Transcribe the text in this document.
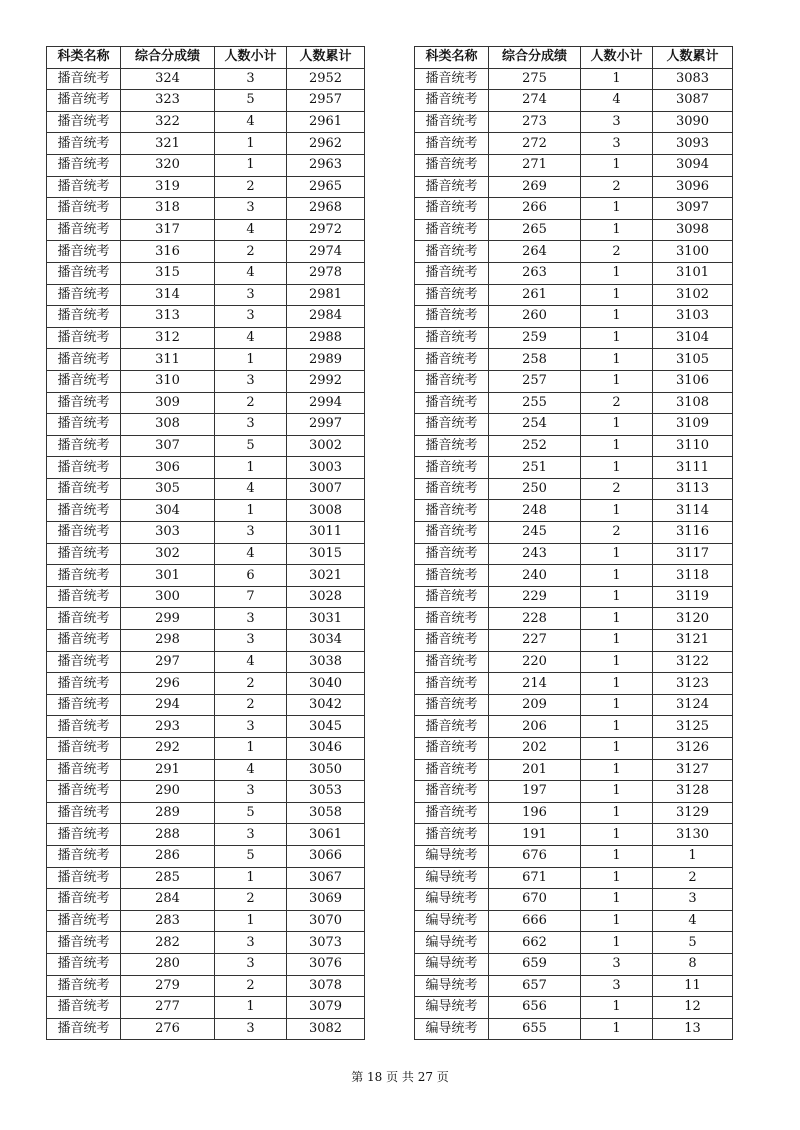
科类名称	综合分成绩	人数小计	人数累计
播音统考	324	3	2952
播音统考	323	5	2957
播音统考	322	4	2961
播音统考	321	1	2962
播音统考	320	1	2963
播音统考	319	2	2965
播音统考	318	3	2968
播音统考	317	4	2972
播音统考	316	2	2974
播音统考	315	4	2978
播音统考	314	3	2981
播音统考	313	3	2984
播音统考	312	4	2988
播音统考	311	1	2989
播音统考	310	3	2992
播音统考	309	2	2994
播音统考	308	3	2997
播音统考	307	5	3002
播音统考	306	1	3003
播音统考	305	4	3007
播音统考	304	1	3008
播音统考	303	3	3011
播音统考	302	4	3015
播音统考	301	6	3021
播音统考	300	7	3028
播音统考	299	3	3031
播音统考	298	3	3034
播音统考	297	4	3038
播音统考	296	2	3040
播音统考	294	2	3042
播音统考	293	3	3045
播音统考	292	1	3046
播音统考	291	4	3050
播音统考	290	3	3053
播音统考	289	5	3058
播音统考	288	3	3061
播音统考	286	5	3066
播音统考	285	1	3067
播音统考	284	2	3069
播音统考	283	1	3070
播音统考	282	3	3073
播音统考	280	3	3076
播音统考	279	2	3078
播音统考	277	1	3079
播音统考	276	3	3082
科类名称	综合分成绩	人数小计	人数累计
播音统考	275	1	3083
播音统考	274	4	3087
播音统考	273	3	3090
播音统考	272	3	3093
播音统考	271	1	3094
播音统考	269	2	3096
播音统考	266	1	3097
播音统考	265	1	3098
播音统考	264	2	3100
播音统考	263	1	3101
播音统考	261	1	3102
播音统考	260	1	3103
播音统考	259	1	3104
播音统考	258	1	3105
播音统考	257	1	3106
播音统考	255	2	3108
播音统考	254	1	3109
播音统考	252	1	3110
播音统考	251	1	3111
播音统考	250	2	3113
播音统考	248	1	3114
播音统考	245	2	3116
播音统考	243	1	3117
播音统考	240	1	3118
播音统考	229	1	3119
播音统考	228	1	3120
播音统考	227	1	3121
播音统考	220	1	3122
播音统考	214	1	3123
播音统考	209	1	3124
播音统考	206	1	3125
播音统考	202	1	3126
播音统考	201	1	3127
播音统考	197	1	3128
播音统考	196	1	3129
播音统考	191	1	3130
编导统考	676	1	1
编导统考	671	1	2
编导统考	670	1	3
编导统考	666	1	4
编导统考	662	1	5
编导统考	659	3	8
编导统考	657	3	11
编导统考	656	1	12
编导统考	655	1	13
第 18 页 共 27 页
